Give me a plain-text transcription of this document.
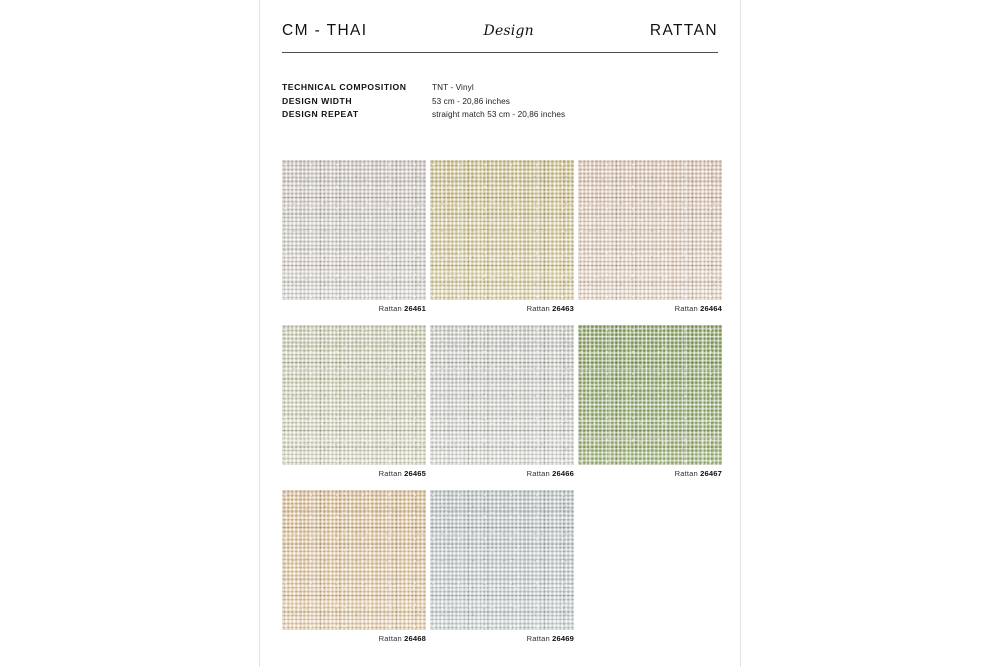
CM - THAI	Design	RATTAN
TECHNICAL COMPOSITION	TNT - Vinyl
DESIGN WIDTH	53 cm - 20,86 inches
DESIGN REPEAT	straight match 53 cm - 20,86 inches
Rattan 26461	Rattan 26463	Rattan 26464
Rattan 26465	Rattan 26466	Rattan 26467
Rattan 26468	Rattan 26469
